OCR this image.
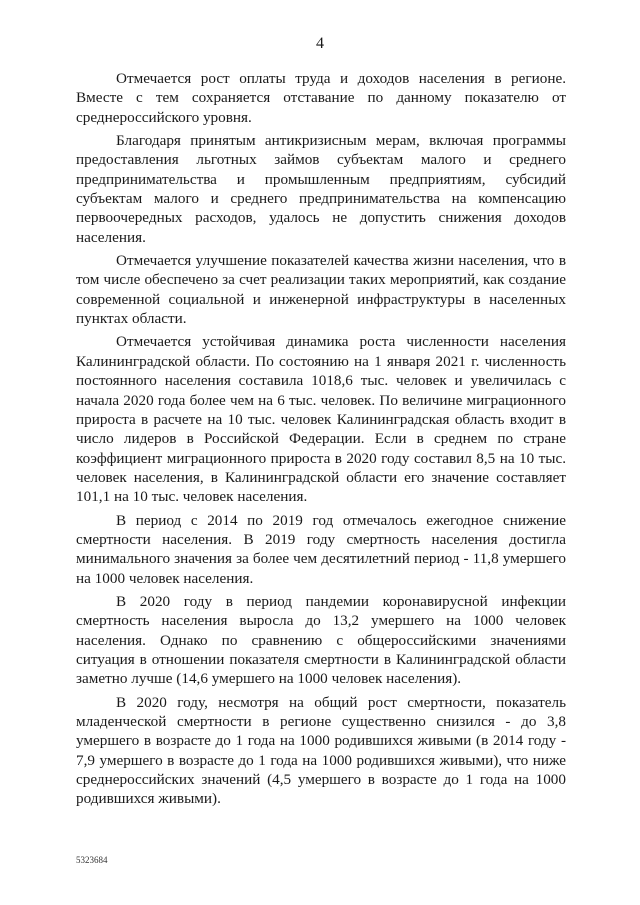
4

Отмечается рост оплаты труда и доходов населения в регионе. Вместе с тем сохраняется отставание по данному показателю от среднероссийского уровня.

Благодаря принятым антикризисным мерам, включая программы предоставления льготных займов субъектам малого и среднего предпринимательства и промышленным предприятиям, субсидий субъектам малого и среднего предпринимательства на компенсацию первоочередных расходов, удалось не допустить снижения доходов населения.

Отмечается улучшение показателей качества жизни населения, что в том числе обеспечено за счет реализации таких мероприятий, как создание современной социальной и инженерной инфраструктуры в населенных пунктах области.

Отмечается устойчивая динамика роста численности населения Калининградской области. По состоянию на 1 января 2021 г. численность постоянного населения составила 1018,6 тыс. человек и увеличилась с начала 2020 года более чем на 6 тыс. человек. По величине миграционного прироста в расчете на 10 тыс. человек Калининградская область входит в число лидеров в Российской Федерации. Если в среднем по стране коэффициент миграционного прироста в 2020 году составил 8,5 на 10 тыс. человек населения, в Калининградской области его значение составляет 101,1 на 10 тыс. человек населения.

В период с 2014 по 2019 год отмечалось ежегодное снижение смертности населения. В 2019 году смертность населения достигла минимального значения за более чем десятилетний период - 11,8 умершего на 1000 человек населения.

В 2020 году в период пандемии коронавирусной инфекции смертность населения выросла до 13,2 умершего на 1000 человек населения. Однако по сравнению с общероссийскими значениями ситуация в отношении показателя смертности в Калининградской области заметно лучше (14,6 умершего на 1000 человек населения).

В 2020 году, несмотря на общий рост смертности, показатель младенческой смертности в регионе существенно снизился - до 3,8 умершего в возрасте до 1 года на 1000 родившихся живыми (в 2014 году - 7,9 умершего в возрасте до 1 года на 1000 родившихся живыми), что ниже среднероссийских значений (4,5 умершего в возрасте до 1 года на 1000 родившихся живыми).

5323684
